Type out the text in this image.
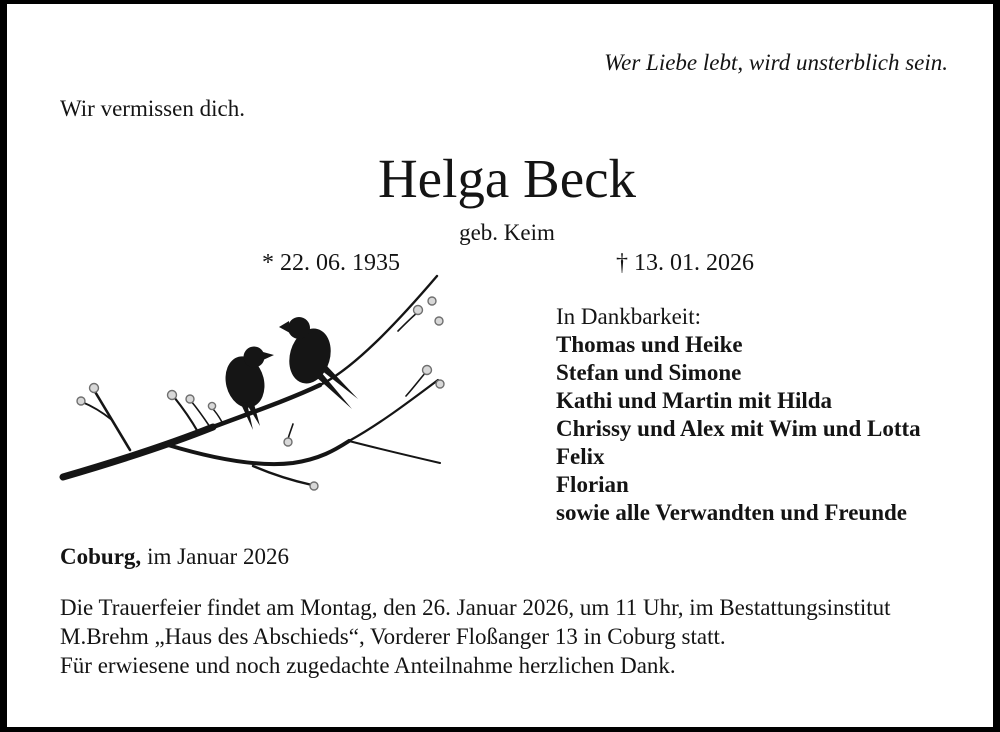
Wer Liebe lebt, wird unsterblich sein.
Wir vermissen dich.
Helga Beck
geb. Keim
* 22. 06. 1935	† 13. 01. 2026
In Dankbarkeit:
Thomas und Heike
Stefan und Simone
Kathi und Martin mit Hilda
Chrissy und Alex mit Wim und Lotta
Felix
Florian
sowie alle Verwandten und Freunde
Coburg, im Januar 2026
Die Trauerfeier findet am Montag, den 26. Januar 2026, um 11 Uhr, im Bestattungsinstitut
M.Brehm „Haus des Abschieds“, Vorderer Floßanger 13 in Coburg statt.
Für erwiesene und noch zugedachte Anteilnahme herzlichen Dank.
